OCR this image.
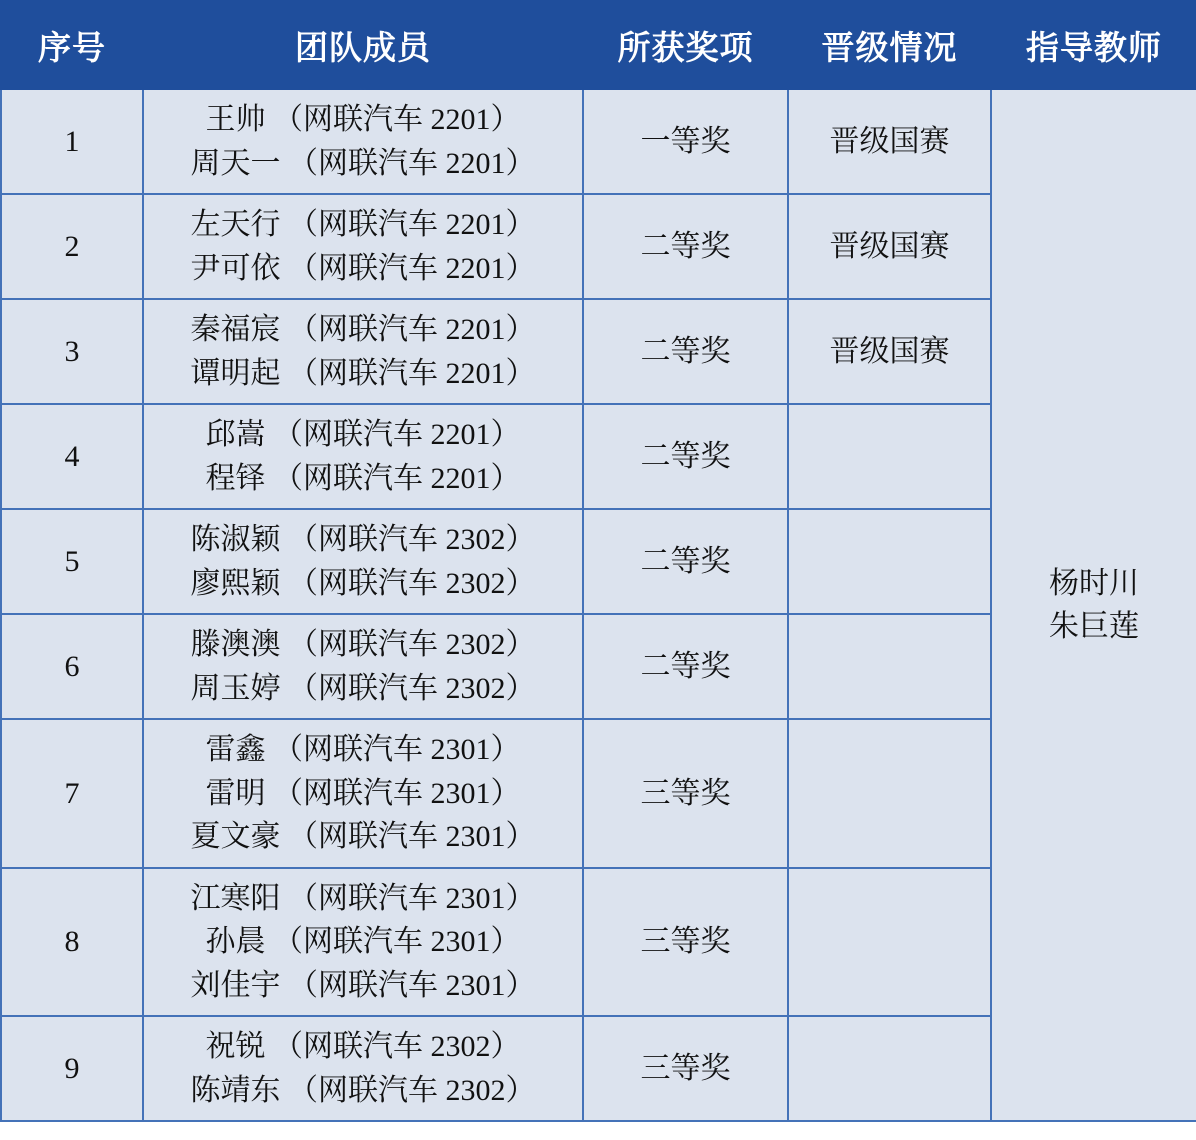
序号	团队成员	所获奖项	晋级情况	指导教师
1	王帅 （网联汽车 2201）
周天一 （网联汽车 2201）	一等奖	晋级国赛	杨时川
朱巨莲

2	左天行 （网联汽车 2201）
尹可依 （网联汽车 2201）	二等奖	晋级国赛	
3	秦福宸 （网联汽车 2201）
谭明起 （网联汽车 2201）	二等奖	晋级国赛	
4	邱嵩 （网联汽车 2201）
程铎 （网联汽车 2201）	二等奖		
5	陈淑颖 （网联汽车 2302）
廖熙颖 （网联汽车 2302）	二等奖		
6	滕澳澳 （网联汽车 2302）
周玉婷 （网联汽车 2302）	二等奖		
7	雷鑫 （网联汽车 2301）
雷明 （网联汽车 2301）
夏文豪 （网联汽车 2301）	三等奖		
8	江寒阳 （网联汽车 2301）
孙晨 （网联汽车 2301）
刘佳宇 （网联汽车 2301）	三等奖		
9	祝锐 （网联汽车 2302）
陈靖东 （网联汽车 2302）	三等奖		
